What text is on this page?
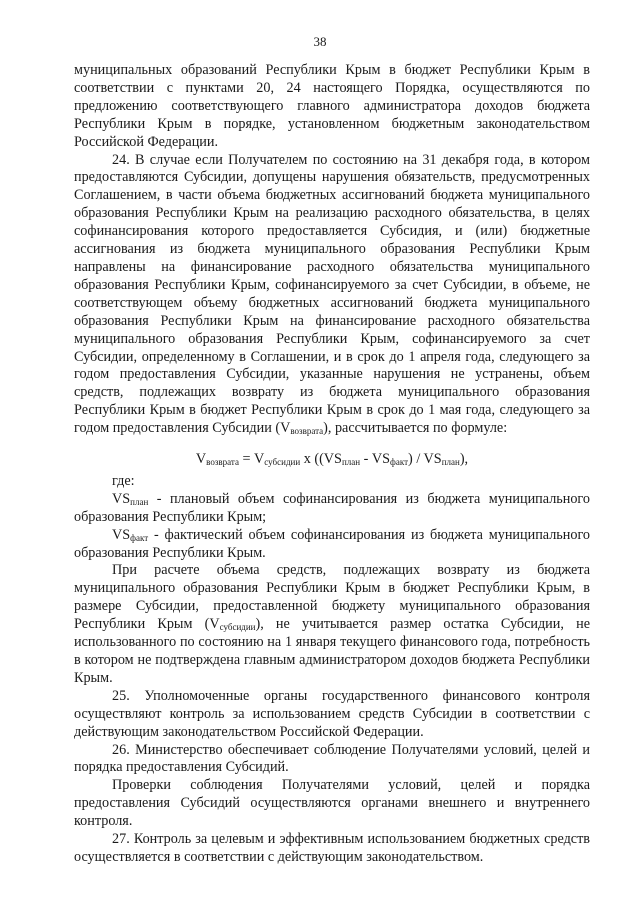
38

муниципальных образований Республики Крым в бюджет Республики Крым в соответствии с пунктами 20, 24 настоящего Порядка, осуществляются по предложению соответствующего главного администратора доходов бюджета Республики Крым в порядке, установленном бюджетным законодательством Российской Федерации.

24. В случае если Получателем по состоянию на 31 декабря года, в котором предоставляются Субсидии, допущены нарушения обязательств, предусмотренных Соглашением, в части объема бюджетных ассигнований бюджета муниципального образования Республики Крым на реализацию расходного обязательства, в целях софинансирования которого предоставляется Субсидия, и (или) бюджетные ассигнования из бюджета муниципального образования Республики Крым направлены на финансирование расходного обязательства муниципального образования Республики Крым, софинансируемого за счет Субсидии, в объеме, не соответствующем объему бюджетных ассигнований бюджета муниципального образования Республики Крым на финансирование расходного обязательства муниципального образования Республики Крым, софинансируемого за счет Субсидии, определенному в Соглашении, и в срок до 1 апреля года, следующего за годом предоставления Субсидии, указанные нарушения не устранены, объем средств, подлежащих возврату из бюджета муниципального образования Республики Крым в бюджет Республики Крым в срок до 1 мая года, следующего за годом предоставления Субсидии $(V_{возврата})$, рассчитывается по формуле:

$V_{возврата} = V_{субсидии}$ x $((VS_{план} - VS_{факт}) / VS_{план})$,

где:

$VS_{план}$ - плановый объем софинансирования из бюджета муниципального образования Республики Крым;

$VS_{факт}$ - фактический объем софинансирования из бюджета муниципального образования Республики Крым.

При расчете объема средств, подлежащих возврату из бюджета муниципального образования Республики Крым в бюджет Республики Крым, в размере Субсидии, предоставленной бюджету муниципального образования Республики Крым $(V_{субсидии})$, не учитывается размер остатка Субсидии, не использованного по состоянию на 1 января текущего финансового года, потребность в котором не подтверждена главным администратором доходов бюджета Республики Крым.

25. Уполномоченные органы государственного финансового контроля осуществляют контроль за использованием средств Субсидии в соответствии с действующим законодательством Российской Федерации.

26. Министерство обеспечивает соблюдение Получателями условий, целей и порядка предоставления Субсидий.

Проверки соблюдения Получателями условий, целей и порядка предоставления Субсидий осуществляются органами внешнего и внутреннего контроля.

27. Контроль за целевым и эффективным использованием бюджетных средств осуществляется в соответствии с действующим законодательством.
